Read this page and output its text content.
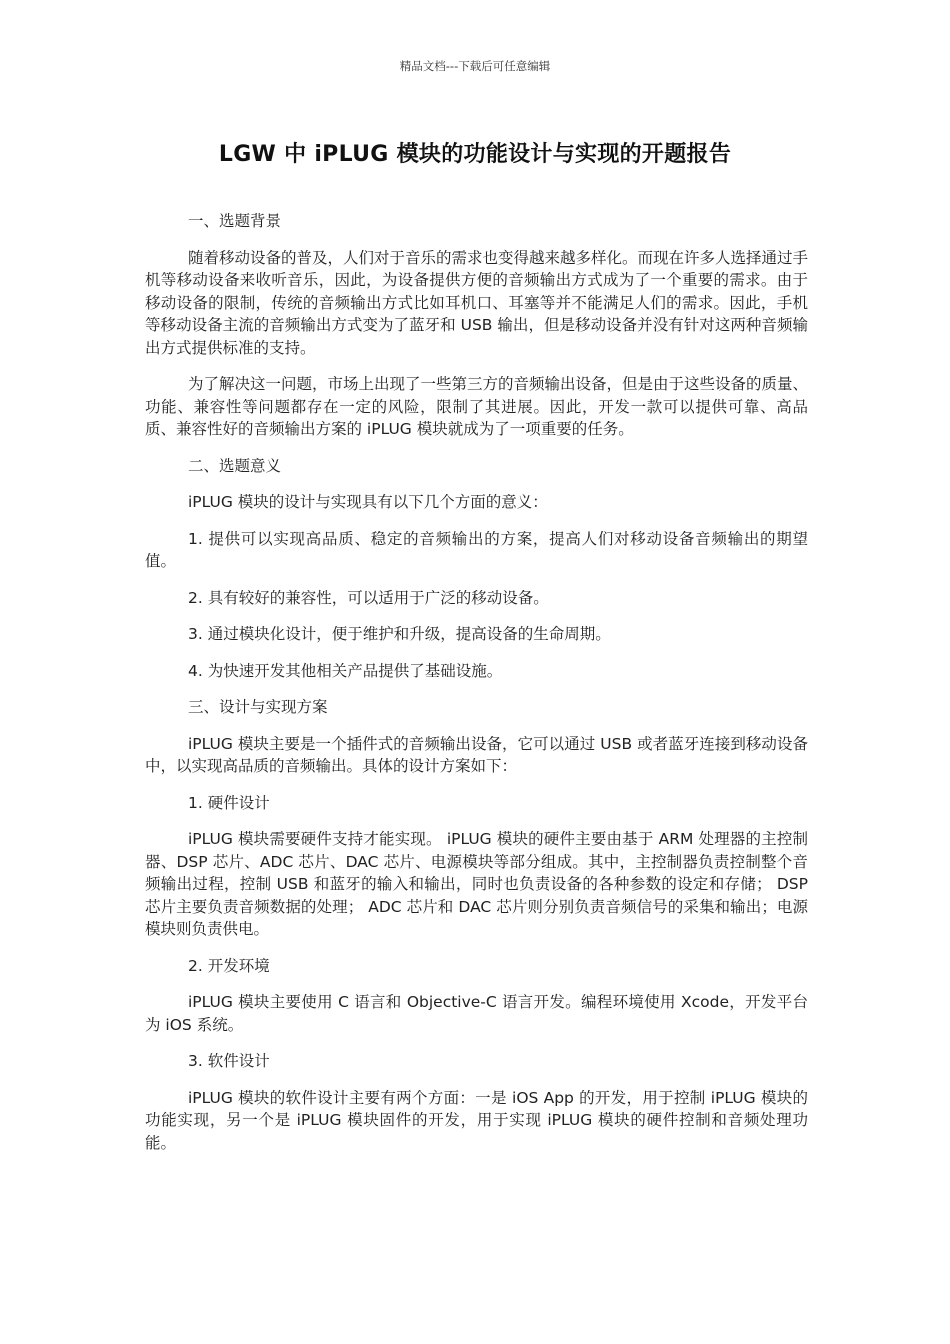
精品文档---下载后可任意编辑
LGW 中 iPLUG 模块的功能设计与实现的开题报告

一、选题背景

随着移动设备的普及，人们对于音乐的需求也变得越来越多样化。而现在许多人选择通过手机等移动设备来收听音乐，因此，为设备提供方便的音频输出方式成为了一个重要的需求。由于移动设备的限制，传统的音频输出方式比如耳机口、耳塞等并不能满足人们的需求。因此，手机等移动设备主流的音频输出方式变为了蓝牙和 USB 输出，但是移动设备并没有针对这两种音频输出方式提供标准的支持。

为了解决这一问题，市场上出现了一些第三方的音频输出设备，但是由于这些设备的质量、功能、兼容性等问题都存在一定的风险，限制了其进展。因此，开发一款可以提供可靠、高品质、兼容性好的音频输出方案的 iPLUG 模块就成为了一项重要的任务。

二、选题意义

iPLUG 模块的设计与实现具有以下几个方面的意义：

1. 提供可以实现高品质、稳定的音频输出的方案，提高人们对移动设备音频输出的期望值。

2. 具有较好的兼容性，可以适用于广泛的移动设备。

3. 通过模块化设计，便于维护和升级，提高设备的生命周期。

4. 为快速开发其他相关产品提供了基础设施。

三、设计与实现方案

iPLUG 模块主要是一个插件式的音频输出设备，它可以通过 USB 或者蓝牙连接到移动设备中，以实现高品质的音频输出。具体的设计方案如下：

1. 硬件设计

iPLUG 模块需要硬件支持才能实现。 iPLUG 模块的硬件主要由基于 ARM 处理器的主控制器、DSP 芯片、ADC 芯片、DAC 芯片、电源模块等部分组成。其中，主控制器负责控制整个音频输出过程，控制 USB 和蓝牙的输入和输出，同时也负责设备的各种参数的设定和存储； DSP 芯片主要负责音频数据的处理； ADC 芯片和 DAC 芯片则分别负责音频信号的采集和输出；电源模块则负责供电。

2. 开发环境

iPLUG 模块主要使用 C 语言和 Objective-C 语言开发。编程环境使用 Xcode，开发平台为 iOS 系统。

3. 软件设计

iPLUG 模块的软件设计主要有两个方面：一是 iOS App 的开发，用于控制 iPLUG 模块的功能实现，另一个是 iPLUG 模块固件的开发，用于实现 iPLUG 模块的硬件控制和音频处理功能。
